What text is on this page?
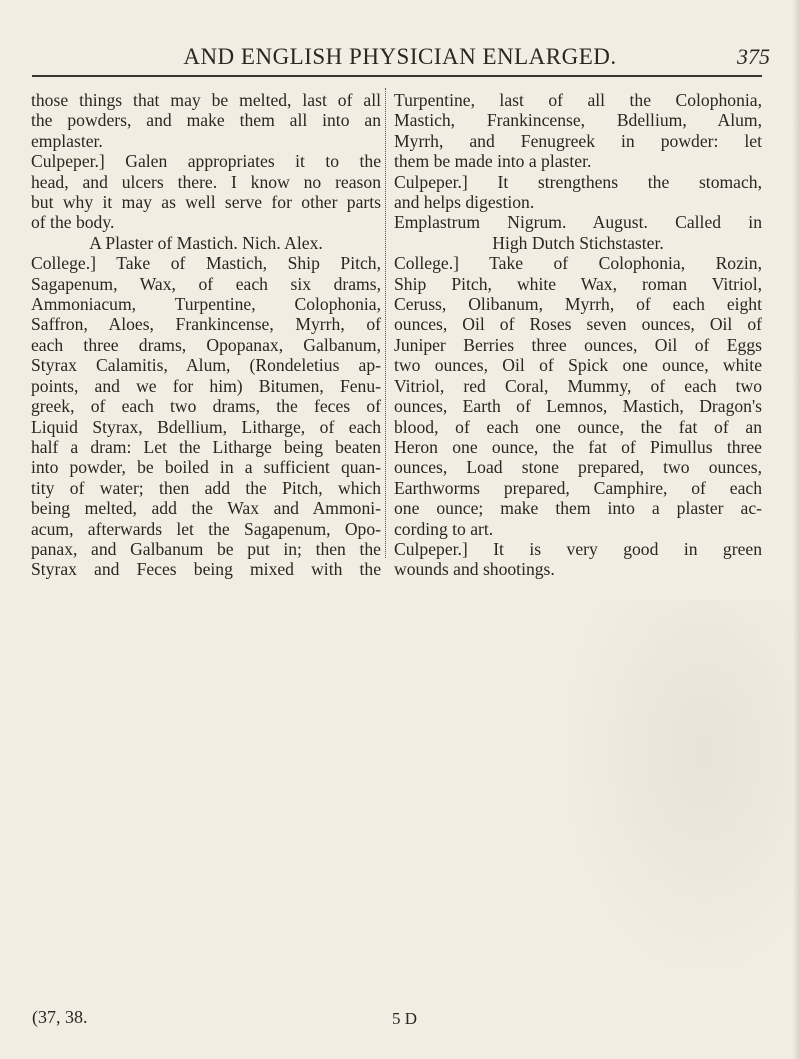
AND ENGLISH PHYSICIAN ENLARGED.	375
those things that may be melted, last of all
the powders, and make them all into an
emplaster.
Culpeper.] Galen appropriates it to the
head, and ulcers there. I know no reason
but why it may as well serve for other parts
of the body.
A Plaster of Mastich. Nich. Alex.
College.] Take of Mastich, Ship Pitch,
Sagapenum, Wax, of each six drams,
Ammoniacum, Turpentine, Colophonia,
Saffron, Aloes, Frankincense, Myrrh, of
each three drams, Opopanax, Galbanum,
Styrax Calamitis, Alum, (Rondeletius ap-
points, and we for him) Bitumen, Fenu-
greek, of each two drams, the feces of
Liquid Styrax, Bdellium, Litharge, of each
half a dram: Let the Litharge being beaten
into powder, be boiled in a sufficient quan-
tity of water; then add the Pitch, which
being melted, add the Wax and Ammoni-
acum, afterwards let the Sagapenum, Opo-
panax, and Galbanum be put in; then the
Styrax and Feces being mixed with the
Turpentine, last of all the Colophonia,
Mastich, Frankincense, Bdellium, Alum,
Myrrh, and Fenugreek in powder: let
them be made into a plaster.
Culpeper.] It strengthens the stomach,
and helps digestion.
Emplastrum Nigrum. August. Called in
High Dutch Stichstaster.
College.] Take of Colophonia, Rozin,
Ship Pitch, white Wax, roman Vitriol,
Ceruss, Olibanum, Myrrh, of each eight
ounces, Oil of Roses seven ounces, Oil of
Juniper Berries three ounces, Oil of Eggs
two ounces, Oil of Spick one ounce, white
Vitriol, red Coral, Mummy, of each two
ounces, Earth of Lemnos, Mastich, Dragon's
blood, of each one ounce, the fat of an
Heron one ounce, the fat of Pimullus three
ounces, Load stone prepared, two ounces,
Earthworms prepared, Camphire, of each
one ounce; make them into a plaster ac-
cording to art.
Culpeper.] It is very good in green
wounds and shootings.
(37, 38.	5 D
